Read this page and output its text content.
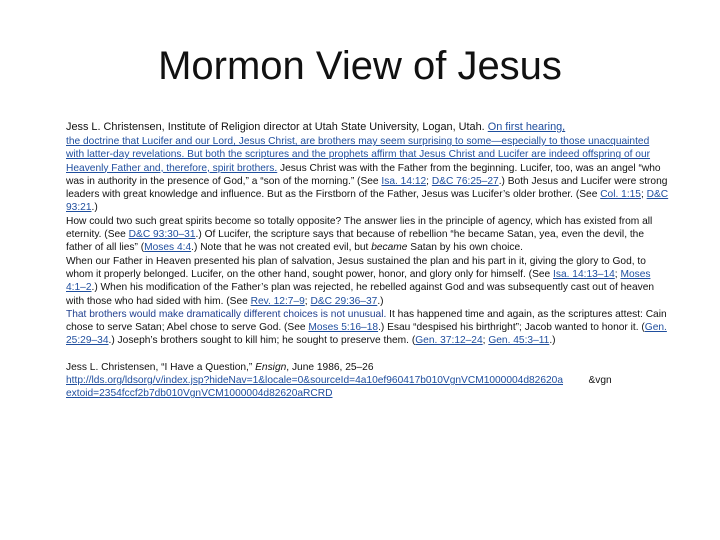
Mormon View of Jesus

Jess L. Christensen, Institute of Religion director at Utah State University, Logan, Utah. On first hearing,

the doctrine that Lucifer and our Lord, Jesus Christ, are brothers may seem surprising to some—especially to those unacquainted with latter-day revelations. But both the scriptures and the prophets affirm that Jesus Christ and Lucifer are indeed offspring of our Heavenly Father and, therefore, spirit brothers. Jesus Christ was with the Father from the beginning. Lucifer, too, was an angel “who was in authority in the presence of God,” a “son of the morning.” (See Isa. 14:12; D&C 76:25–27.) Both Jesus and Lucifer were strong leaders with great knowledge and influence. But as the Firstborn of the Father, Jesus was Lucifer’s older brother. (See Col. 1:15; D&C 93:21.)

How could two such great spirits become so totally opposite? The answer lies in the principle of agency, which has existed from all eternity. (See D&C 93:30–31.) Of Lucifer, the scripture says that because of rebellion “he became Satan, yea, even the devil, the father of all lies” (Moses 4:4.) Note that he was not created evil, but became Satan by his own choice.

When our Father in Heaven presented his plan of salvation, Jesus sustained the plan and his part in it, giving the glory to God, to whom it properly belonged. Lucifer, on the other hand, sought power, honor, and glory only for himself. (See Isa. 14:13–14; Moses 4:1–2.) When his modification of the Father’s plan was rejected, he rebelled against God and was subsequently cast out of heaven with those who had sided with him. (See Rev. 12:7–9; D&C 29:36–37.)

That brothers would make dramatically different choices is not unusual. It has happened time and again, as the scriptures attest: Cain chose to serve Satan; Abel chose to serve God. (See Moses 5:16–18.) Esau “despised his birthright”; Jacob wanted to honor it. (Gen. 25:29–34.) Joseph’s brothers sought to kill him; he sought to preserve them. (Gen. 37:12–24; Gen. 45:3–11.)

Jess L. Christensen, “I Have a Question,” Ensign, June 1986, 25–26

http://lds.org/ldsorg/v/index.jsp?hideNav=1&locale=0&sourceId=4a10ef960417b010VgnVCM1000004d82620a         &vgn
extoid=2354fccf2b7db010VgnVCM1000004d82620aRCRD
